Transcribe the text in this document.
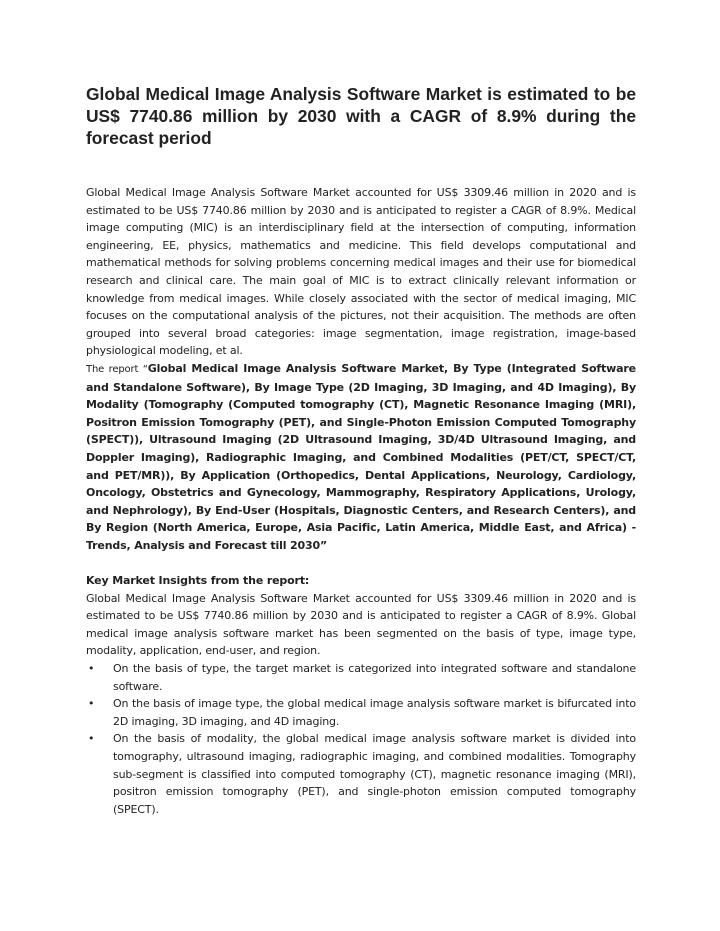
Global Medical Image Analysis Software Market is estimated to be US$ 7740.86 million by 2030 with a CAGR of 8.9% during the forecast period

Global Medical Image Analysis Software Market accounted for US$ 3309.46 million in 2020 and is estimated to be US$ 7740.86 million by 2030 and is anticipated to register a CAGR of 8.9%. Medical image computing (MIC) is an interdisciplinary field at the intersection of computing, information engineering, EE, physics, mathematics and medicine. This field develops computational and mathematical methods for solving problems concerning medical images and their use for biomedical research and clinical care. The main goal of MIC is to extract clinically relevant information or knowledge from medical images. While closely associated with the sector of medical imaging, MIC focuses on the computational analysis of the pictures, not their acquisition. The methods are often grouped into several broad categories: image segmentation, image registration, image-based physiological modeling, et al.

The report “Global Medical Image Analysis Software Market, By Type (Integrated Software and Standalone Software), By Image Type (2D Imaging, 3D Imaging, and 4D Imaging), By Modality (Tomography (Computed tomography (CT), Magnetic Resonance Imaging (MRI), Positron Emission Tomography (PET), and Single-Photon Emission Computed Tomography (SPECT)), Ultrasound Imaging (2D Ultrasound Imaging, 3D/4D Ultrasound Imaging, and Doppler Imaging), Radiographic Imaging, and Combined Modalities (PET/CT, SPECT/CT, and PET/MR)), By Application (Orthopedics, Dental Applications, Neurology, Cardiology, Oncology, Obstetrics and Gynecology, Mammography, Respiratory Applications, Urology, and Nephrology), By End-User (Hospitals, Diagnostic Centers, and Research Centers), and By Region (North America, Europe, Asia Pacific, Latin America, Middle East, and Africa) - Trends, Analysis and Forecast till 2030”

Key Market Insights from the report:

Global Medical Image Analysis Software Market accounted for US$ 3309.46 million in 2020 and is estimated to be US$ 7740.86 million by 2030 and is anticipated to register a CAGR of 8.9%. Global medical image analysis software market has been segmented on the basis of type, image type, modality, application, end-user, and region.

• On the basis of type, the target market is categorized into integrated software and standalone software.
• On the basis of image type, the global medical image analysis software market is bifurcated into 2D imaging, 3D imaging, and 4D imaging.
• On the basis of modality, the global medical image analysis software market is divided into tomography, ultrasound imaging, radiographic imaging, and combined modalities. Tomography sub-segment is classified into computed tomography (CT), magnetic resonance imaging (MRI), positron emission tomography (PET), and single-photon emission computed tomography (SPECT).
